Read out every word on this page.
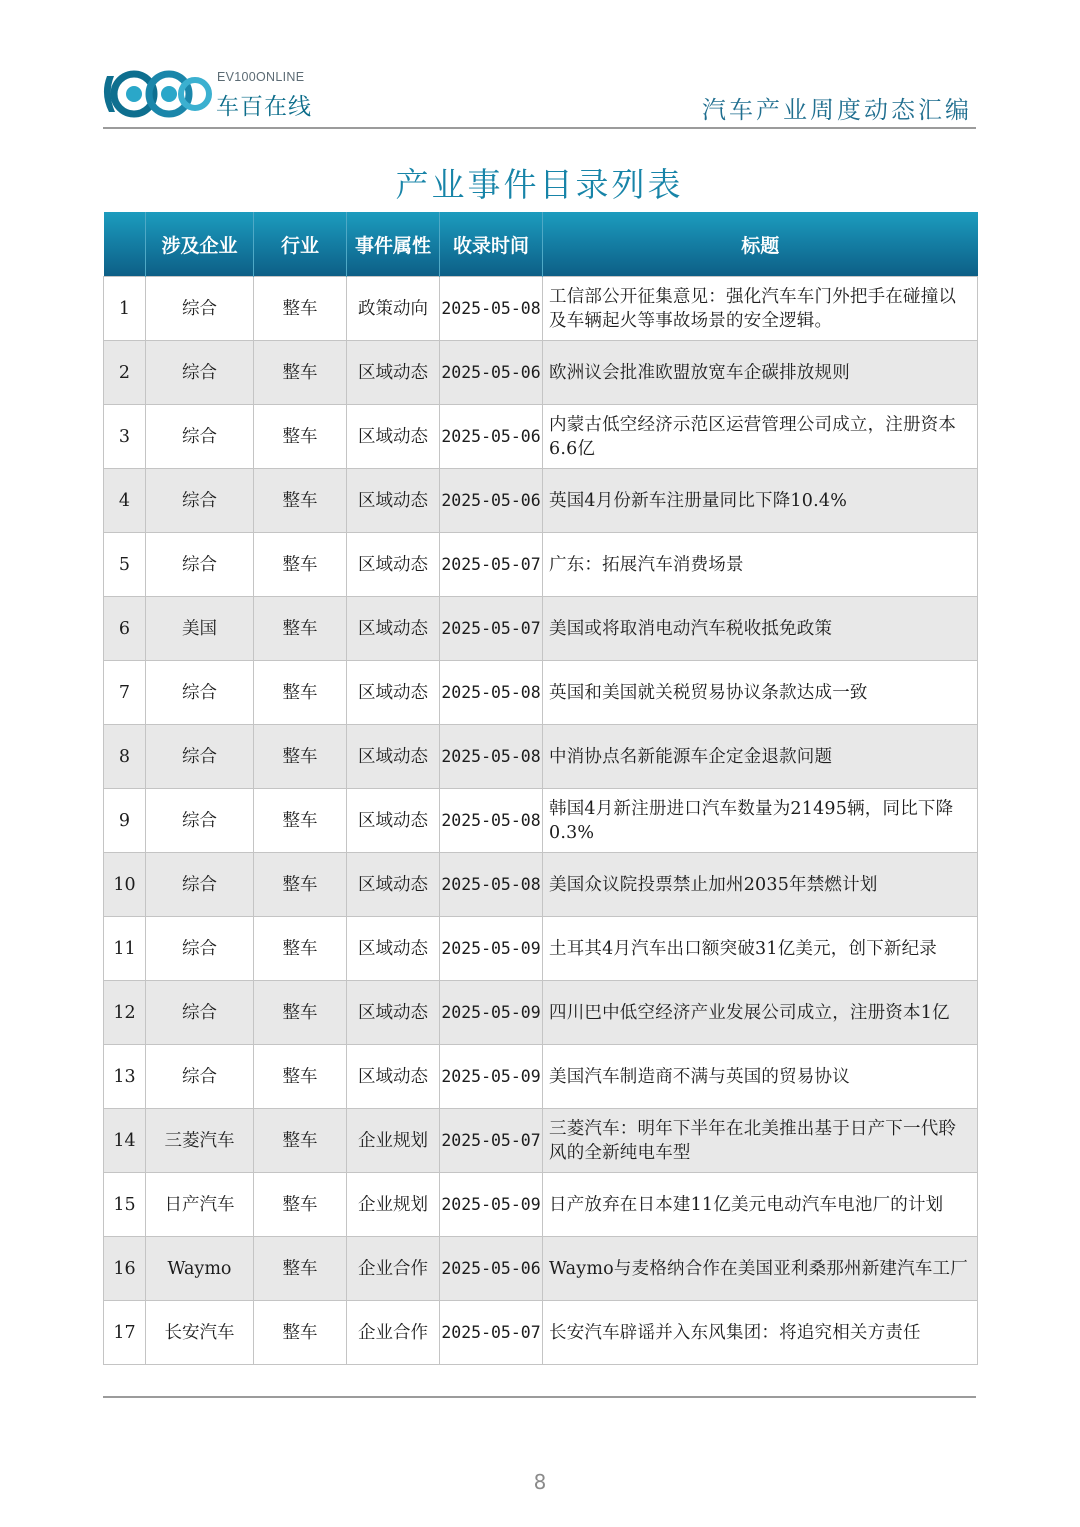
EV100ONLINE
车百在线	汽车产业周度动态汇编
产业事件目录列表
	涉及企业	行业	事件属性	收录时间	标题
1	综合	整车	政策动向	2025-05-08	工信部公开征集意见：强化汽车车门外把手在碰撞以及车辆起火等事故场景的安全逻辑。
2	综合	整车	区域动态	2025-05-06	欧洲议会批准欧盟放宽车企碳排放规则
3	综合	整车	区域动态	2025-05-06	内蒙古低空经济示范区运营管理公司成立，注册资本6.6亿
4	综合	整车	区域动态	2025-05-06	英国4月份新车注册量同比下降10.4%
5	综合	整车	区域动态	2025-05-07	广东：拓展汽车消费场景
6	美国	整车	区域动态	2025-05-07	美国或将取消电动汽车税收抵免政策
7	综合	整车	区域动态	2025-05-08	英国和美国就关税贸易协议条款达成一致
8	综合	整车	区域动态	2025-05-08	中消协点名新能源车企定金退款问题
9	综合	整车	区域动态	2025-05-08	韩国4月新注册进口汽车数量为21495辆，同比下降0.3%
10	综合	整车	区域动态	2025-05-08	美国众议院投票禁止加州2035年禁燃计划
11	综合	整车	区域动态	2025-05-09	土耳其4月汽车出口额突破31亿美元，创下新纪录
12	综合	整车	区域动态	2025-05-09	四川巴中低空经济产业发展公司成立，注册资本1亿
13	综合	整车	区域动态	2025-05-09	美国汽车制造商不满与英国的贸易协议
14	三菱汽车	整车	企业规划	2025-05-07	三菱汽车：明年下半年在北美推出基于日产下一代聆风的全新纯电车型
15	日产汽车	整车	企业规划	2025-05-09	日产放弃在日本建11亿美元电动汽车电池厂的计划
16	Waymo	整车	企业合作	2025-05-06	Waymo与麦格纳合作在美国亚利桑那州新建汽车工厂
17	长安汽车	整车	企业合作	2025-05-07	长安汽车辟谣并入东风集团：将追究相关方责任
8
